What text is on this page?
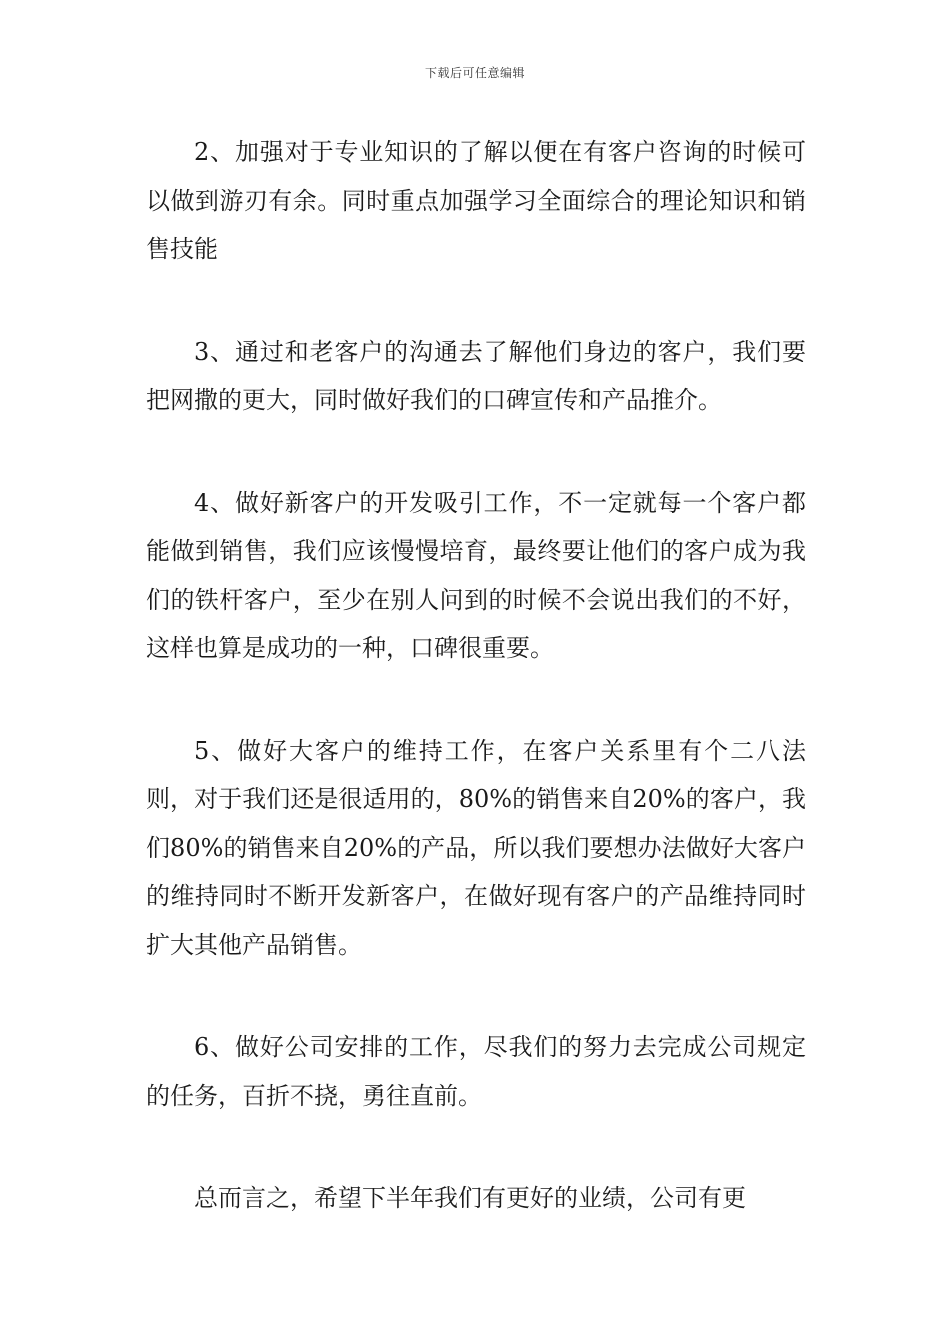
下载后可任意编辑

2、加强对于专业知识的了解以便在有客户咨询的时候可以做到游刃有余。同时重点加强学习全面综合的理论知识和销售技能

3、通过和老客户的沟通去了解他们身边的客户，我们要把网撒的更大，同时做好我们的口碑宣传和产品推介。

4、做好新客户的开发吸引工作，不一定就每一个客户都能做到销售，我们应该慢慢培育，最终要让他们的客户成为我们的铁杆客户，至少在别人问到的时候不会说出我们的不好，这样也算是成功的一种，口碑很重要。

5、做好大客户的维持工作，在客户关系里有个二八法则，对于我们还是很适用的，80%的销售来自20%的客户，我们80%的销售来自20%的产品，所以我们要想办法做好大客户的维持同时不断开发新客户，在做好现有客户的产品维持同时扩大其他产品销售。

6、做好公司安排的工作，尽我们的努力去完成公司规定的任务，百折不挠，勇往直前。

总而言之，希望下半年我们有更好的业绩，公司有更
